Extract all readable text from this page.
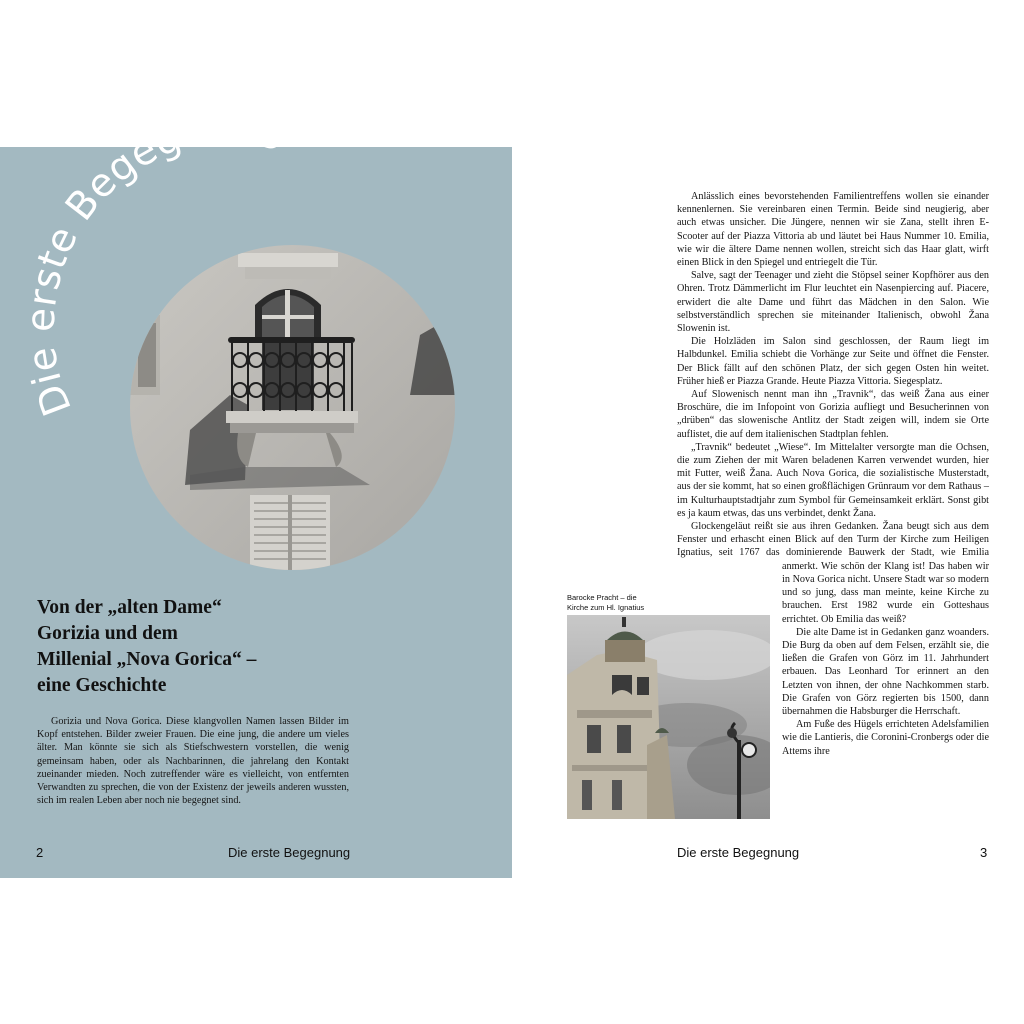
Die erste Begegnung
Von der „alten Dame“
Gorizia und dem
Millenial „Nova Gorica“ –
eine Geschichte

Gorizia und Nova Gorica. Diese klangvollen Namen lassen Bilder im Kopf entstehen. Bilder zweier Frauen. Die eine jung, die andere um vieles älter. Man könnte sie sich als Stiefschwestern vorstellen, die wenig gemeinsam haben, oder als Nachbarinnen, die jahrelang den Kontakt zueinander mieden. Noch zutreffender wäre es vielleicht, von entfernten Verwandten zu sprechen, die von der Existenz der jeweils anderen wussten, sich im realen Leben aber noch nie begegnet sind.

2	Die erste Begegnung

Anlässlich eines bevorstehenden Familientreffens wollen sie einander kennenlernen. Sie vereinbaren einen Termin. Beide sind neugierig, aber auch etwas unsicher. Die Jüngere, nennen wir sie Zana, stellt ihren E-Scooter auf der Piazza Vittoria ab und läutet bei Haus Nummer 10. Emilia, wie wir die ältere Dame nennen wollen, streicht sich das Haar glatt, wirft einen Blick in den Spiegel und entriegelt die Tür.

Salve, sagt der Teenager und zieht die Stöpsel seiner Kopfhörer aus den Ohren. Trotz Dämmerlicht im Flur leuchtet ein Nasenpiercing auf. Piacere, erwidert die alte Dame und führt das Mädchen in den Salon. Wie selbstverständlich sprechen sie miteinander Italienisch, obwohl Žana Slowenin ist.

Die Holzläden im Salon sind geschlossen, der Raum liegt im Halbdunkel. Emilia schiebt die Vorhänge zur Seite und öffnet die Fenster. Der Blick fällt auf den schönen Platz, der sich gegen Osten hin weitet. Früher hieß er Piazza Grande. Heute Piazza Vittoria. Siegesplatz.

Auf Slowenisch nennt man ihn „Travnik“, das weiß Žana aus einer Broschüre, die im Infopoint von Gorizia aufliegt und Besucherinnen von „drüben“ das slowenische Antlitz der Stadt zeigen will, indem sie Orte auflistet, die auf dem italienischen Stadtplan fehlen.

„Travnik“ bedeutet „Wiese“. Im Mittelalter versorgte man die Ochsen, die zum Ziehen der mit Waren beladenen Karren verwendet wurden, hier mit Futter, weiß Žana. Auch Nova Gorica, die sozialistische Musterstadt, aus der sie kommt, hat so einen großflächigen Grünraum vor dem Rathaus – im Kulturhauptstadtjahr zum Symbol für Gemeinsamkeit erklärt. Sonst gibt es ja kaum etwas, das uns verbindet, denkt Žana.

Glockengeläut reißt sie aus ihren Gedanken. Žana beugt sich aus dem Fenster und erhascht einen Blick auf den Turm der Kirche zum Heiligen Ignatius, seit 1767 das dominierende Bauwerk der Stadt, wie Emilia anmerkt. Wie schön der Klang ist! Das haben wir in Nova Gorica nicht. Unsere Stadt war so modern und so jung, dass man meinte, keine Kirche zu brauchen. Erst 1982 wurde ein Gotteshaus errichtet. Ob Emilia das weiß?

Die alte Dame ist in Gedanken ganz woanders. Die Burg da oben auf dem Felsen, erzählt sie, die ließen die Grafen von Görz im 11. Jahrhundert erbauen. Das Leonhard Tor erinnert an den Letzten von ihnen, der ohne Nachkommen starb. Die Grafen von Görz regierten bis 1500, dann übernahmen die Habsburger die Herrschaft.

Am Fuße des Hügels errichteten Adelsfamilien wie die Lantieris, die Coronini-Cronbergs oder die Attems ihre

Barocke Pracht – die
Kirche zum Hl. Ignatius
Die erste Begegnung	3
